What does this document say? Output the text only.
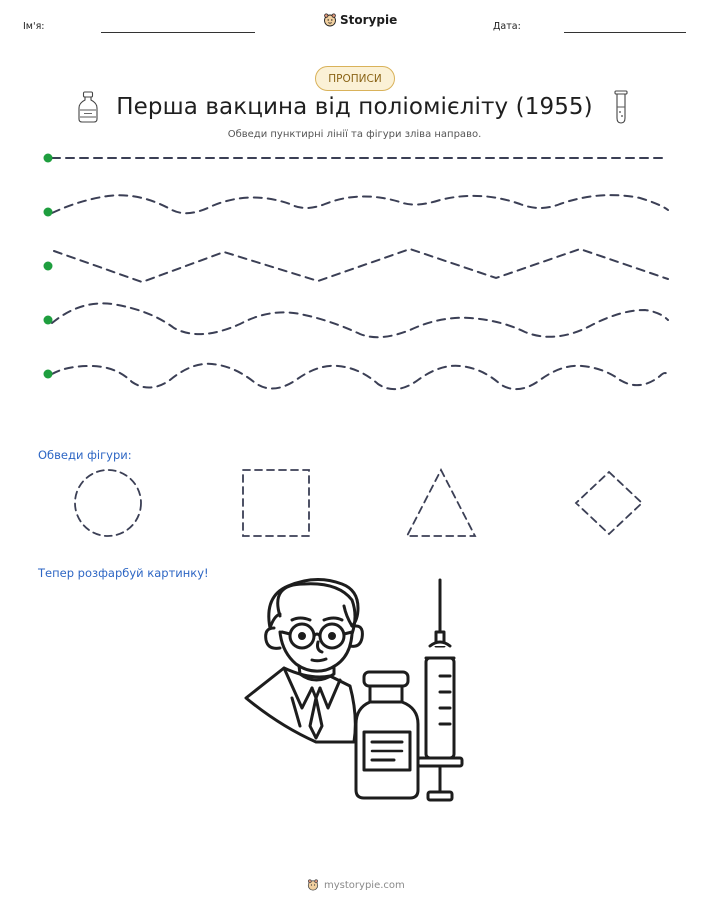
Ім'я:	Storypie	Дата:
ПРОПИСИ
Перша вакцина від поліомієліту (1955)
Обведи пунктирні лінії та фігури зліва направо.
Обведи фігури:
Тепер розфарбуй картинку!
mystorypie.com
